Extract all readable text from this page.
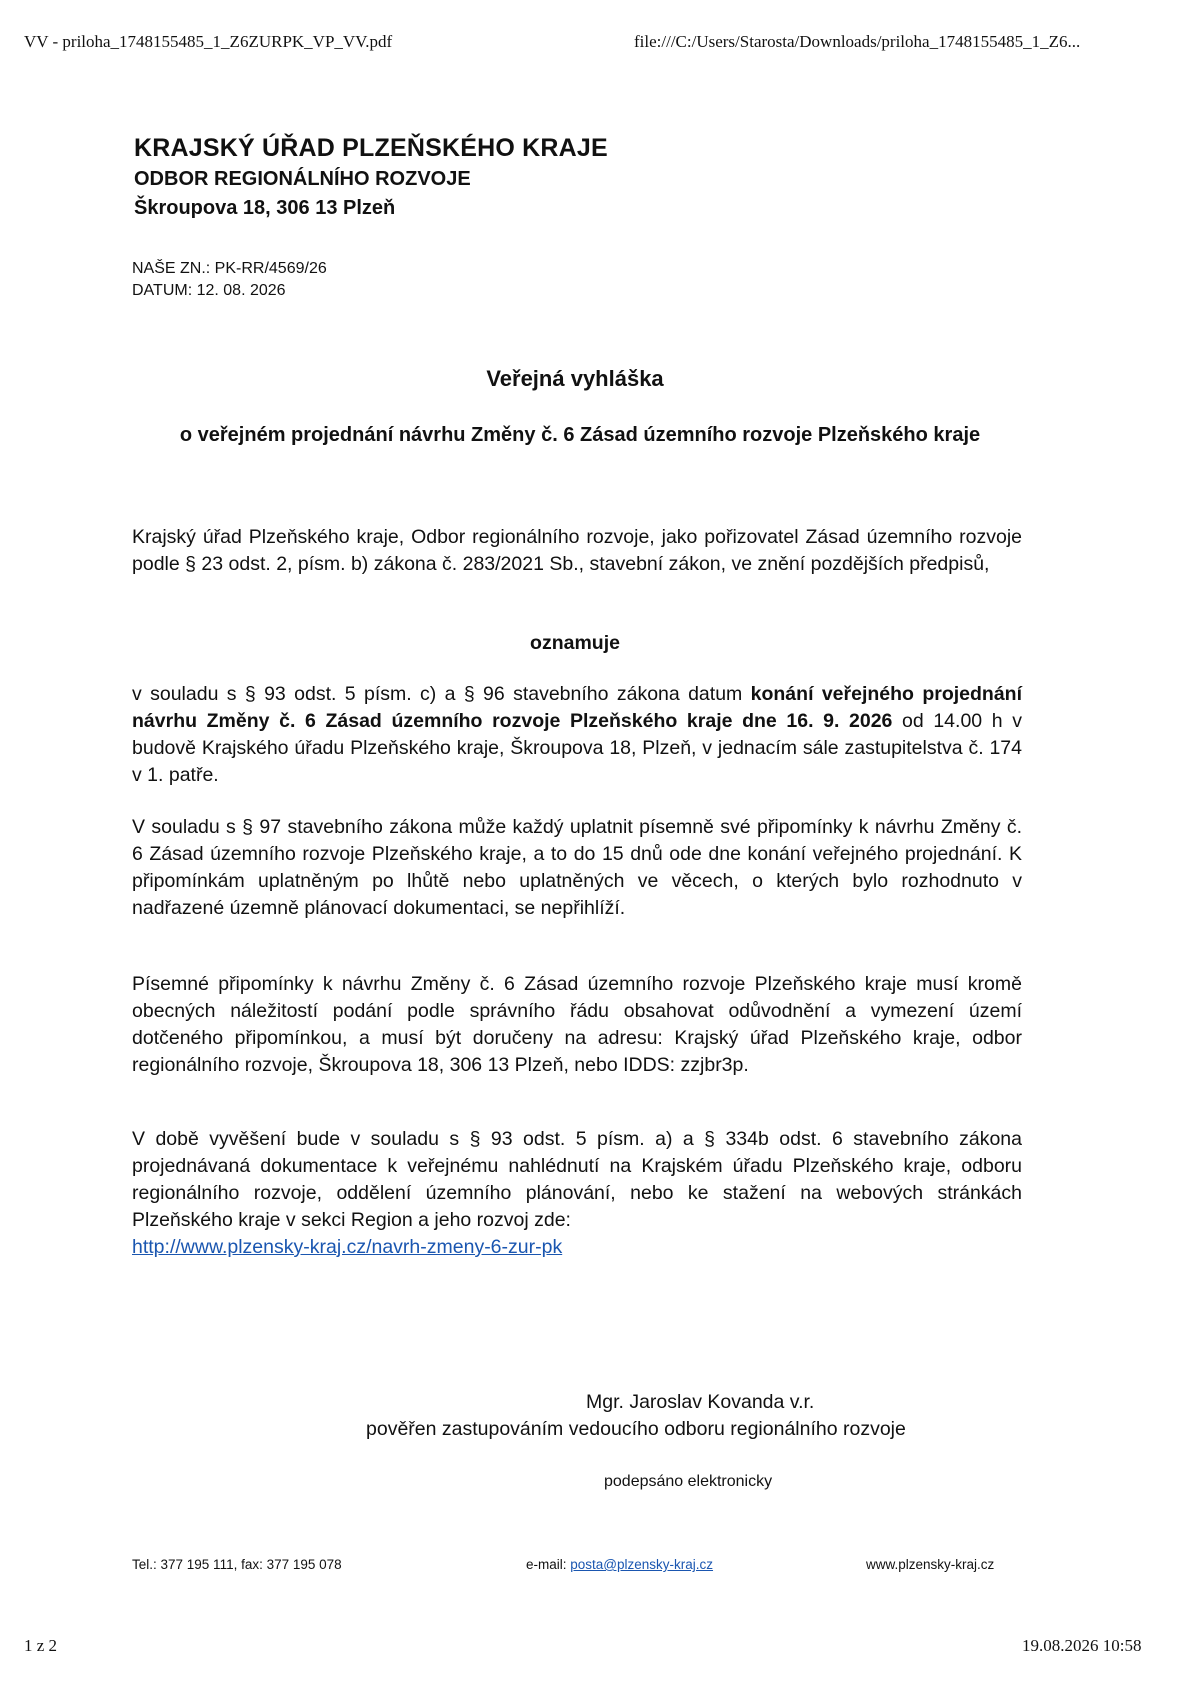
VV - priloha_1748155485_1_Z6ZURPK_VP_VV.pdf	file:///C:/Users/Starosta/Downloads/priloha_1748155485_1_Z6...
KRAJSKÝ ÚŘAD PLZEŇSKÉHO KRAJE
ODBOR REGIONÁLNÍHO ROZVOJE
Škroupova 18, 306 13 Plzeň
NAŠE ZN.: PK-RR/4569/26
DATUM: 12. 08. 2026
Veřejná vyhláška
o veřejném projednání návrhu Změny č. 6 Zásad územního rozvoje Plzeňského kraje
Krajský úřad Plzeňského kraje, Odbor regionálního rozvoje, jako pořizovatel Zásad územního rozvoje podle § 23 odst. 2, písm. b) zákona č. 283/2021 Sb., stavební zákon, ve znění pozdějších předpisů,
oznamuje
v souladu s § 93 odst. 5 písm. c) a § 96 stavebního zákona datum konání veřejného projednání návrhu Změny č. 6 Zásad územního rozvoje Plzeňského kraje dne 16. 9. 2026 od 14.00 h v budově Krajského úřadu Plzeňského kraje, Škroupova 18, Plzeň, v jednacím sále zastupitelstva č. 174 v 1. patře.
V souladu s § 97 stavebního zákona může každý uplatnit písemně své připomínky k návrhu Změny č. 6 Zásad územního rozvoje Plzeňského kraje, a to do 15 dnů ode dne konání veřejného projednání. K připomínkám uplatněným po lhůtě nebo uplatněných ve věcech, o kterých bylo rozhodnuto v nadřazené územně plánovací dokumentaci, se nepřihlíží.
Písemné připomínky k návrhu Změny č. 6 Zásad územního rozvoje Plzeňského kraje musí kromě obecných náležitostí podání podle správního řádu obsahovat odůvodnění a vymezení území dotčeného připomínkou, a musí být doručeny na adresu: Krajský úřad Plzeňského kraje, odbor regionálního rozvoje, Škroupova 18, 306 13 Plzeň, nebo IDDS: zzjbr3p.
V době vyvěšení bude v souladu s § 93 odst. 5 písm. a) a § 334b odst. 6 stavebního zákona projednávaná dokumentace k veřejnému nahlédnutí na Krajském úřadu Plzeňského kraje, odboru regionálního rozvoje, oddělení územního plánování, nebo ke stažení na webových stránkách Plzeňského kraje v sekci Region a jeho rozvoj zde:
http://www.plzensky-kraj.cz/navrh-zmeny-6-zur-pk
Mgr. Jaroslav Kovanda v.r.
pověřen zastupováním vedoucího odboru regionálního rozvoje
podepsáno elektronicky
Tel.: 377 195 111, fax: 377 195 078	e-mail: posta@plzensky-kraj.cz	www.plzensky-kraj.cz
1 z 2	19.08.2026 10:58
